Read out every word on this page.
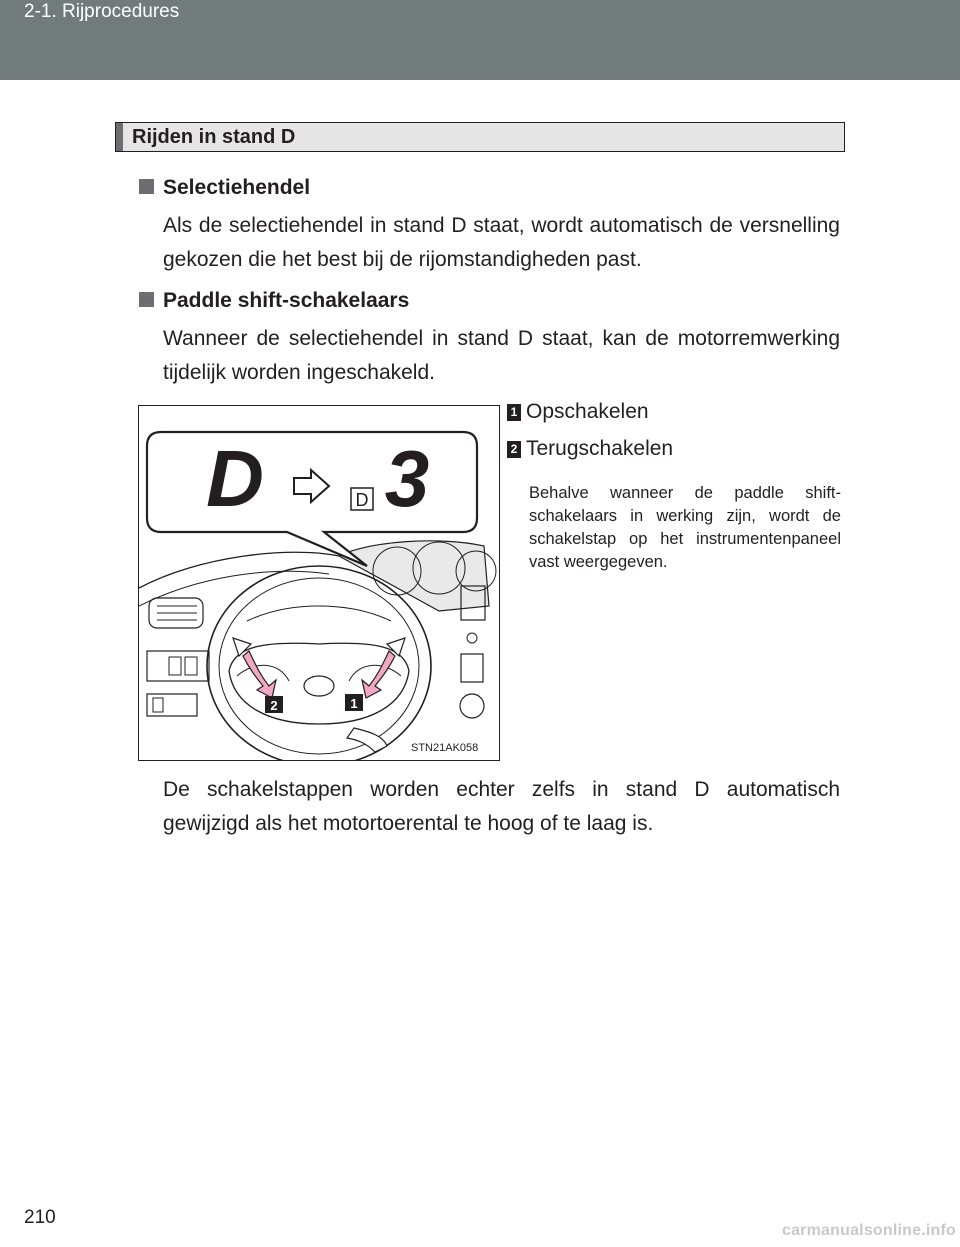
2-1. Rijprocedures
Rijden in stand D
Selectiehendel

Als de selectiehendel in stand D staat, wordt automatisch de versnelling gekozen die het best bij de rijomstandigheden past.

Paddle shift-schakelaars

Wanneer de selectiehendel in stand D staat, kan de motorremwerking tijdelijk worden ingeschakeld.

D	D 3
2	1
STN21AK058
1 Opschakelen
2 Terugschakelen

Behalve wanneer de paddle shift-schakelaars in werking zijn, wordt de schakelstap op het instrumentenpaneel vast weergegeven.

De schakelstappen worden echter zelfs in stand D automatisch gewijzigd als het motortoerental te hoog of te laag is.

210
carmanualsonline.info
